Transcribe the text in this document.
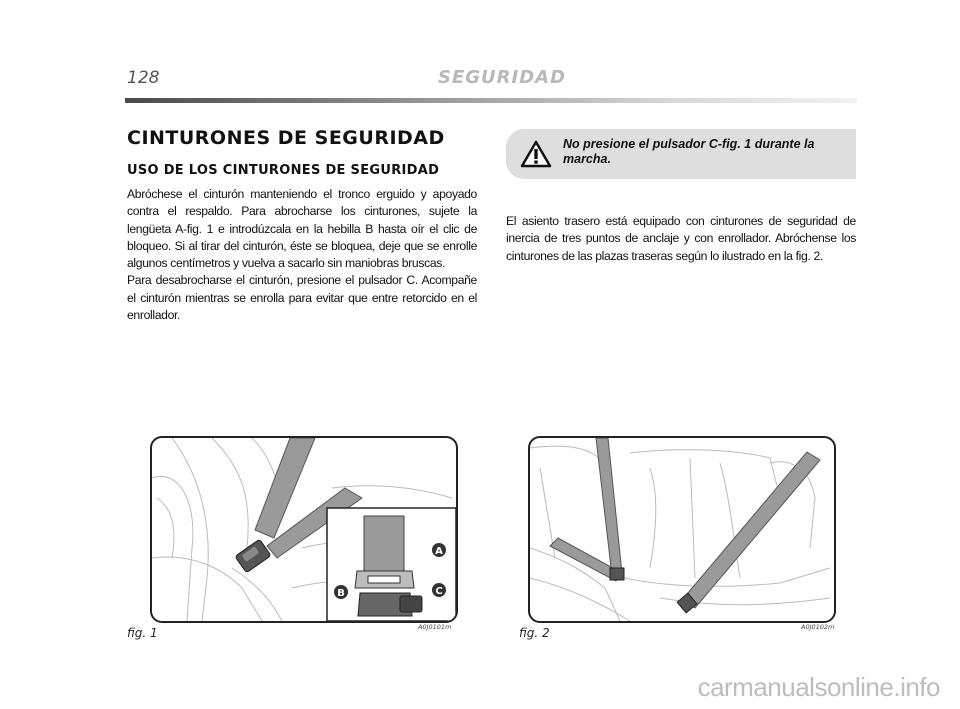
128	SEGURIDAD
CINTURONES DE SEGURIDAD
USO DE LOS CINTURONES DE SEGURIDAD

Abróchese el cinturón manteniendo el tronco erguido y apoyado contra el respaldo. Para abrocharse los cinturones, sujete la lengüeta A-fig. 1 e introdúzcala en la hebilla B hasta oír el clic de bloqueo. Si al tirar del cinturón, éste se bloquea, deje que se enrolle algunos centímetros y vuelva a sacarlo sin maniobras bruscas.

Para desabrocharse el cinturón, presione el pulsador C. Acompañe el cinturón mientras se enrolla para evitar que entre retorcido en el enrollador.

No presione el pulsador C-fig. 1 durante la marcha.

El asiento trasero está equipado con cinturones de seguridad de inercia de tres puntos de anclaje y con enrollador. Abróchense los cinturones de las plazas traseras según lo ilustrado en la fig. 2.

A
B	C
fig. 1	A0J0101m	fig. 2	A0J0102m
carmanualsonline.info
